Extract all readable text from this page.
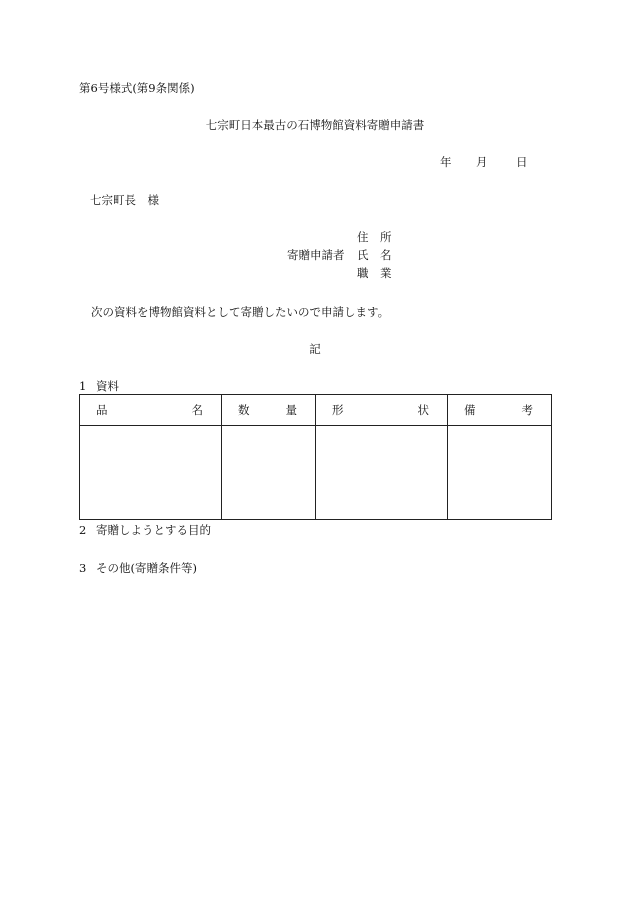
第6号様式(第9条関係)
七宗町日本最古の石博物館資料寄贈申請書
年 月 日
七宗町長　様
住　所
寄贈申請者	氏　名
職　業
次の資料を博物館資料として寄贈したいので申請します。
記
1 資料
品 名	数 量	形 状	備 考

2 寄贈しようとする目的
3 その他(寄贈条件等)
